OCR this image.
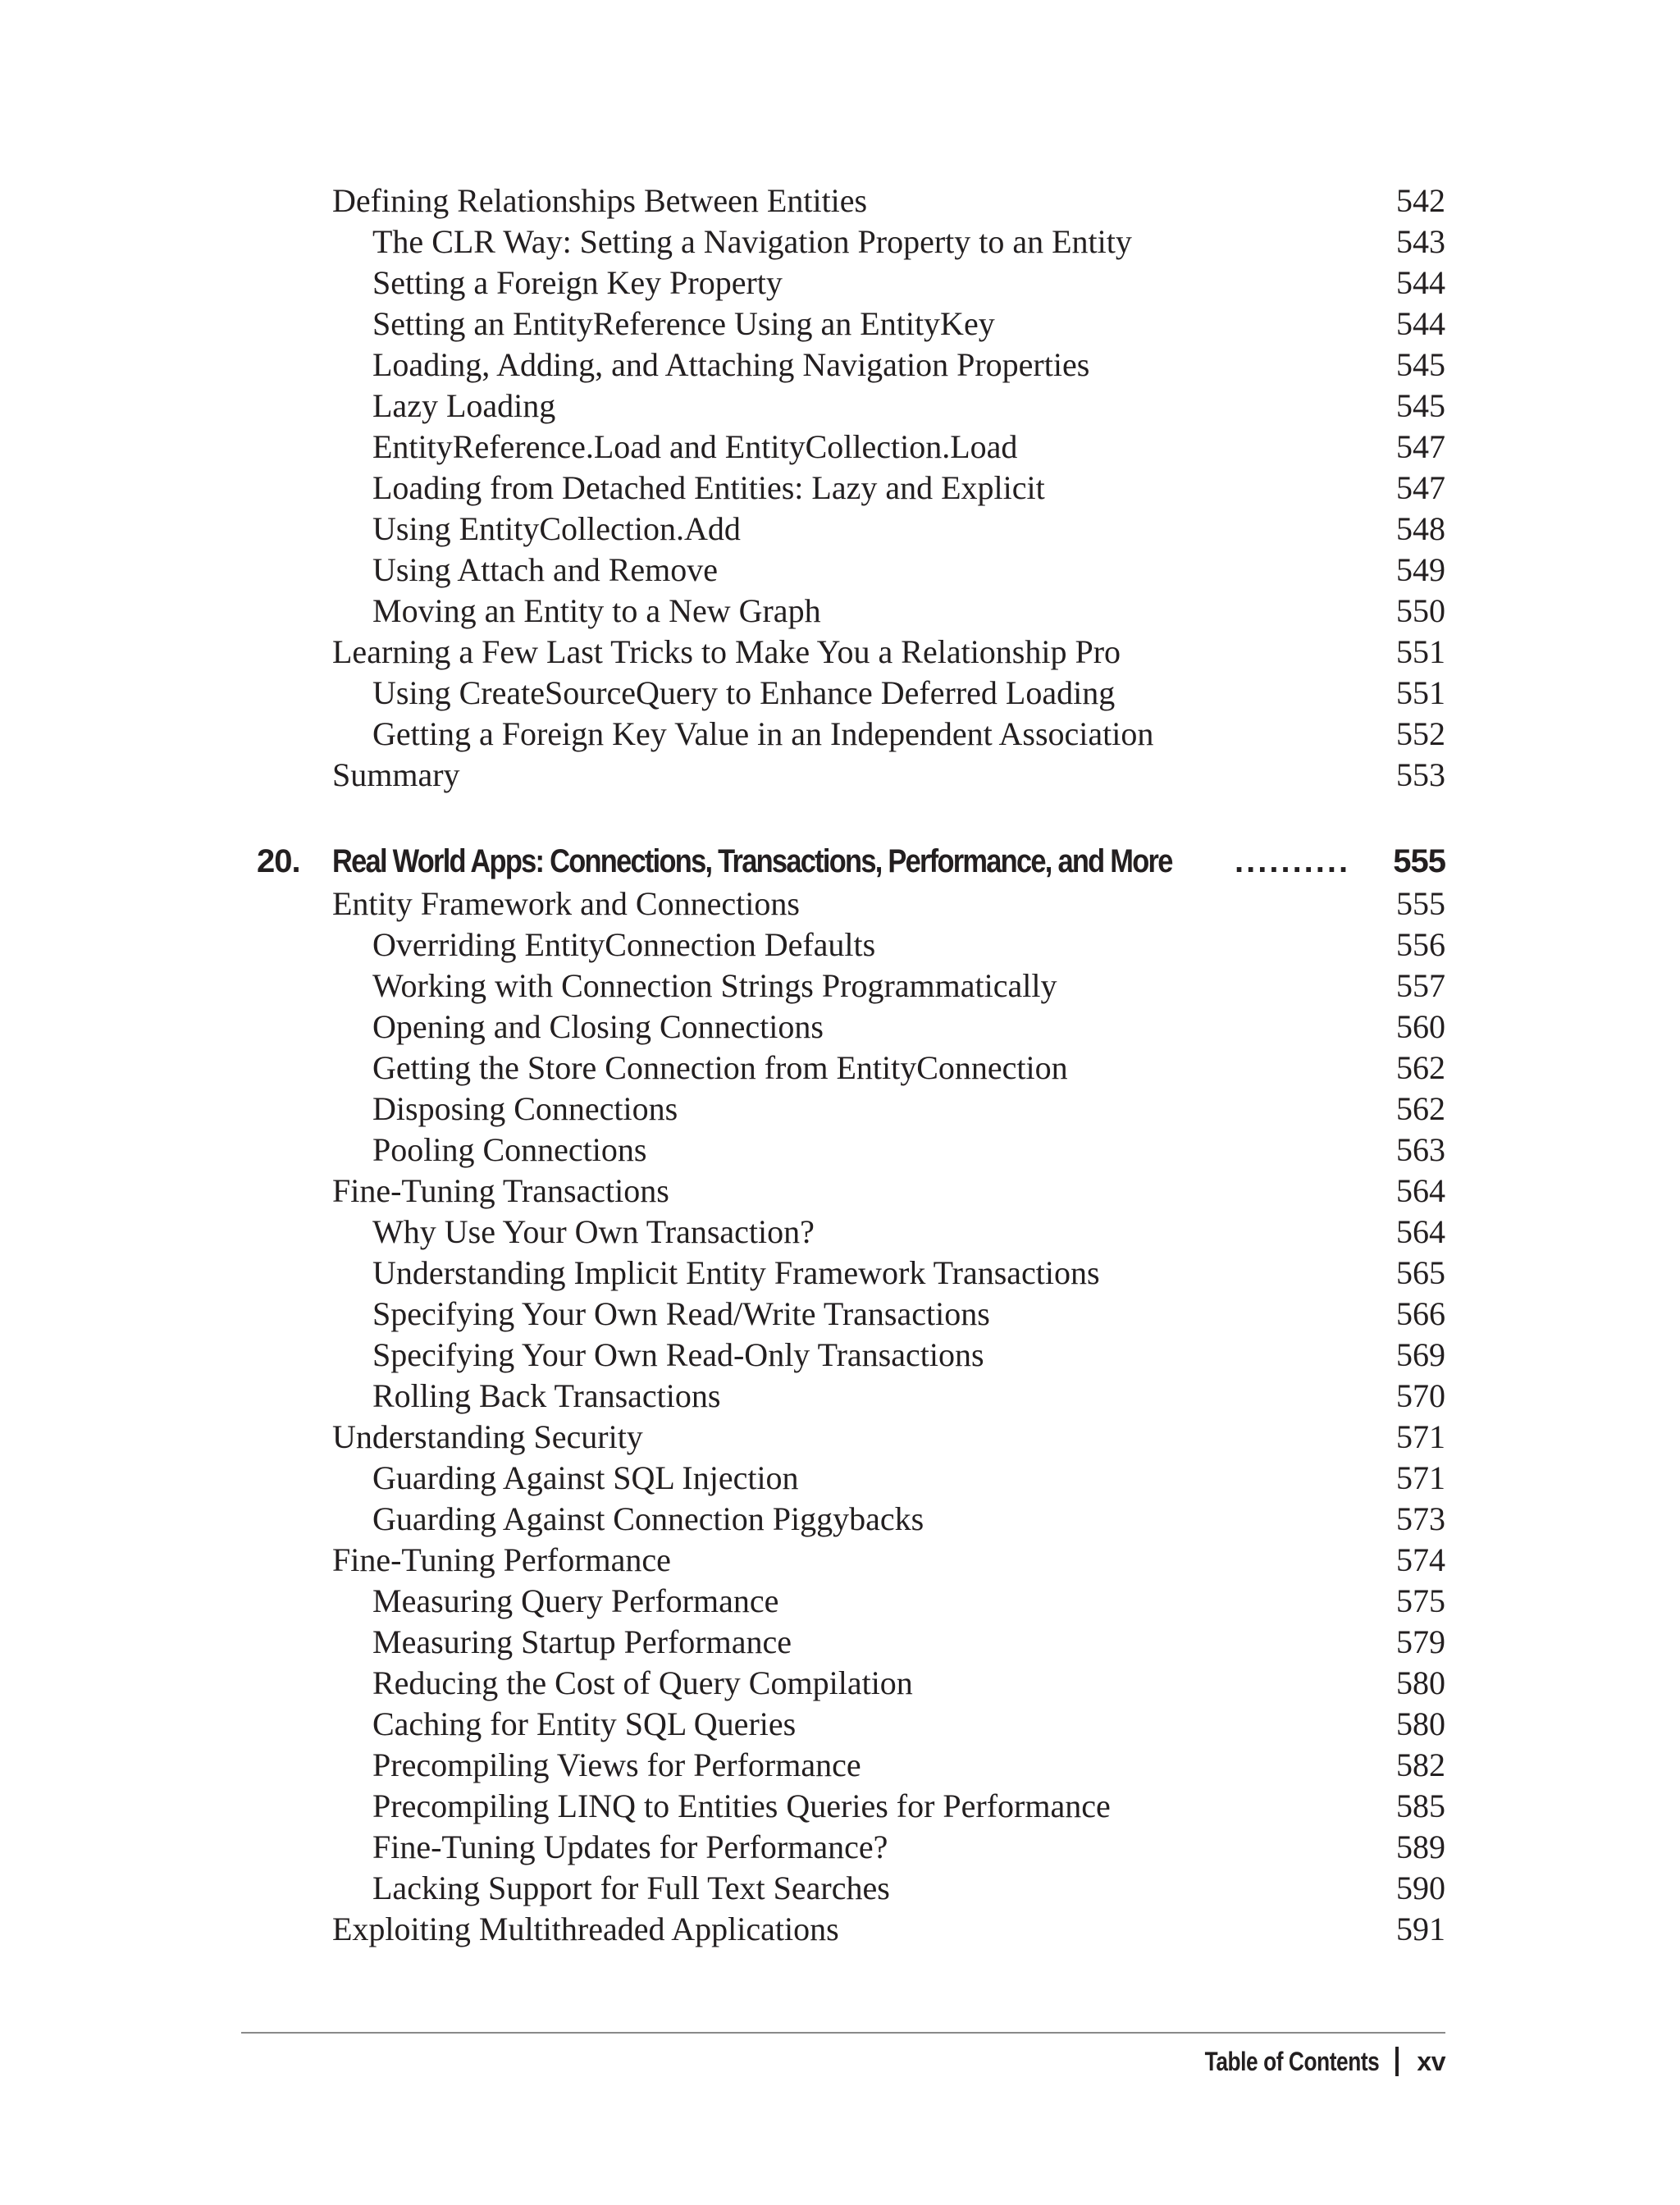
Defining Relationships Between Entities	542
The CLR Way: Setting a Navigation Property to an Entity	543
Setting a Foreign Key Property	544
Setting an EntityReference Using an EntityKey	544
Loading, Adding, and Attaching Navigation Properties	545
Lazy Loading	545
EntityReference.Load and EntityCollection.Load	547
Loading from Detached Entities: Lazy and Explicit	547
Using EntityCollection.Add	548
Using Attach and Remove	549
Moving an Entity to a New Graph	550
Learning a Few Last Tricks to Make You a Relationship Pro	551
Using CreateSourceQuery to Enhance Deferred Loading	551
Getting a Foreign Key Value in an Independent Association	552
Summary	553
20. Real World Apps: Connections, Transactions, Performance, and More .......... 555
Entity Framework and Connections	555
Overriding EntityConnection Defaults	556
Working with Connection Strings Programmatically	557
Opening and Closing Connections	560
Getting the Store Connection from EntityConnection	562
Disposing Connections	562
Pooling Connections	563
Fine-Tuning Transactions	564
Why Use Your Own Transaction?	564
Understanding Implicit Entity Framework Transactions	565
Specifying Your Own Read/Write Transactions	566
Specifying Your Own Read-Only Transactions	569
Rolling Back Transactions	570
Understanding Security	571
Guarding Against SQL Injection	571
Guarding Against Connection Piggybacks	573
Fine-Tuning Performance	574
Measuring Query Performance	575
Measuring Startup Performance	579
Reducing the Cost of Query Compilation	580
Caching for Entity SQL Queries	580
Precompiling Views for Performance	582
Precompiling LINQ to Entities Queries for Performance	585
Fine-Tuning Updates for Performance?	589
Lacking Support for Full Text Searches	590
Exploiting Multithreaded Applications	591
Table of Contents xv
